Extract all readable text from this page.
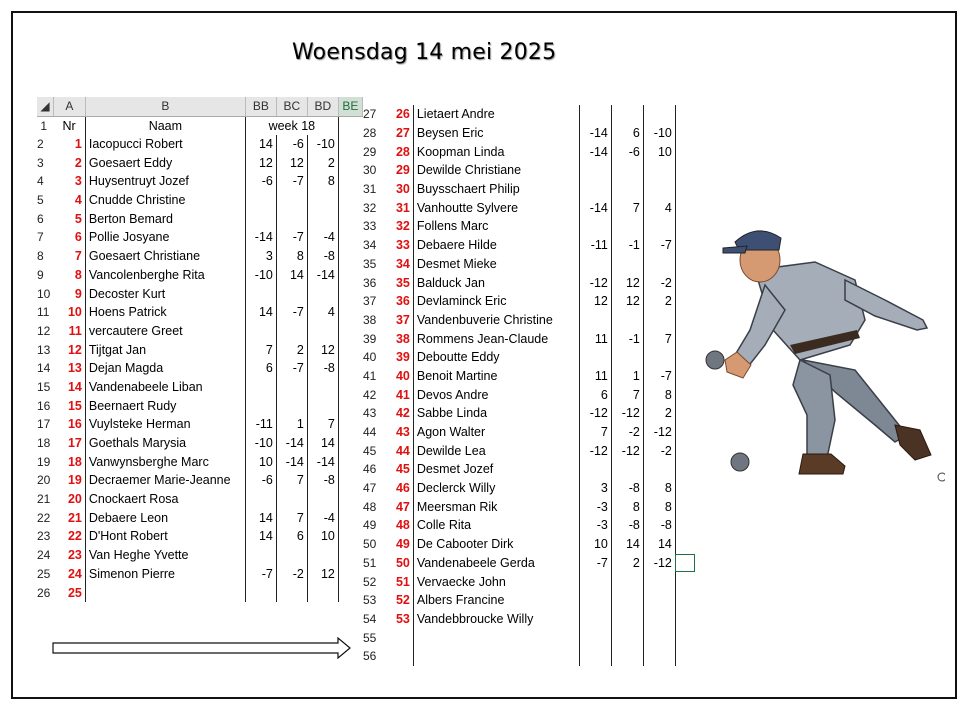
Woensdag 14 mei 2025
◢	A	B	BB	BC	BD	BE
1	Nr	Naam	week 18			
2	1	Iacopucci Robert	14	-6	-10	
3	2	Goesaert Eddy	12	12	2	
4	3	Huysentruyt Jozef	-6	-7	8	
5	4	Cnudde Christine				
6	5	Berton Bemard				
7	6	Pollie Josyane	-14	-7	-4	
8	7	Goesaert Christiane	3	8	-8	
9	8	Vancolenberghe Rita	-10	14	-14	
10	9	Decoster Kurt				
11	10	Hoens Patrick	14	-7	4	
12	11	vercautere Greet				
13	12	Tijtgat Jan	7	2	12	
14	13	Dejan Magda	6	-7	-8	
15	14	Vandenabeele Liban				
16	15	Beernaert Rudy				
17	16	Vuylsteke Herman	-11	1	7	
18	17	Goethals Marysia	-10	-14	14	
19	18	Vanwynsberghe Marc	10	-14	-14	
20	19	Decraemer Marie-Jeanne	-6	7	-8	
21	20	Cnockaert Rosa				
22	21	Debaere Leon	14	7	-4	
23	22	D'Hont Robert	14	6	10	
24	23	Van Heghe Yvette				
25	24	Simenon Pierre	-7	-2	12	
26	25					
27	26	Lietaert Andre				
28	27	Beysen Eric	-14	6	-10	
29	28	Koopman Linda	-14	-6	10	
30	29	Dewilde Christiane				
31	30	Buysschaert Philip				
32	31	Vanhoutte Sylvere	-14	7	4	
33	32	Follens Marc				
34	33	Debaere Hilde	-11	-1	-7	
35	34	Desmet Mieke				
36	35	Balduck Jan	-12	12	-2	
37	36	Devlaminck Eric	12	12	2	
38	37	Vandenbuverie Christine				
39	38	Rommens Jean-Claude	11	-1	7	
40	39	Deboutte Eddy				
41	40	Benoit Martine	11	1	-7	
42	41	Devos Andre	6	7	8	
43	42	Sabbe Linda	-12	-12	2	
44	43	Agon Walter	7	-2	-12	
45	44	Dewilde Lea	-12	-12	-2	
46	45	Desmet Jozef				
47	46	Declerck Willy	3	-8	8	
48	47	Meersman Rik	-3	8	8	
49	48	Colle Rita	-3	-8	-8	
50	49	De Cabooter Dirk	10	14	14	
51	50	Vandenabeele Gerda	-7	2	-12	
52	51	Vervaecke John				
53	52	Albers Francine				
54	53	Vandebbroucke Willy				
55						
56						
